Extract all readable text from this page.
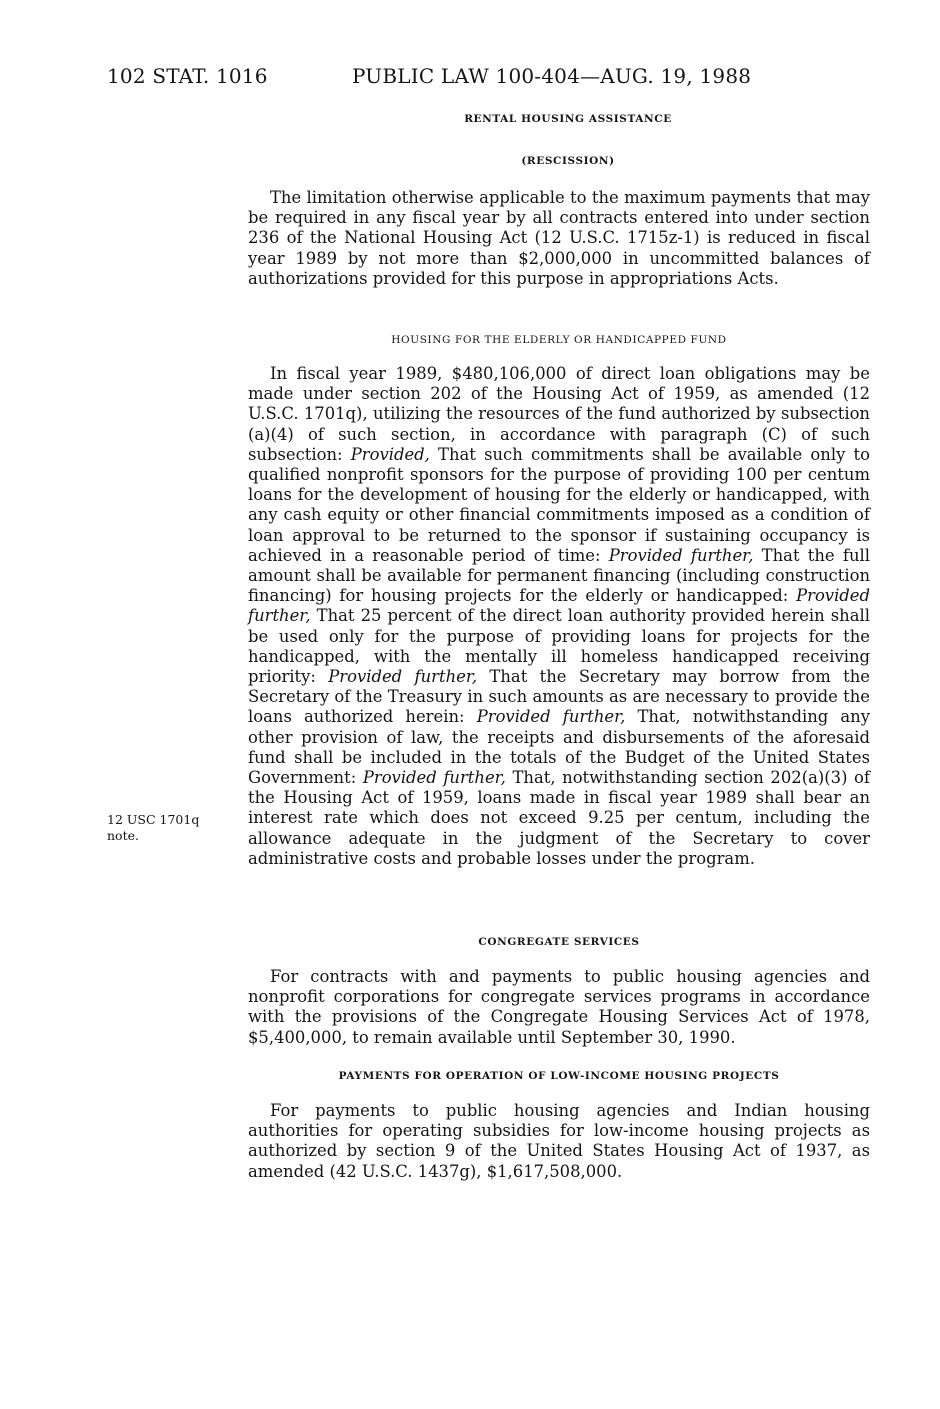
102 STAT. 1016	PUBLIC LAW 100-404—AUG. 19, 1988
RENTAL HOUSING ASSISTANCE
(RESCISSION)

The limitation otherwise applicable to the maximum payments that may be required in any fiscal year by all contracts entered into under section 236 of the National Housing Act (12 U.S.C. 1715z-1) is reduced in fiscal year 1989 by not more than $2,000,000 in uncommitted balances of authorizations provided for this purpose in appropriations Acts.

HOUSING FOR THE ELDERLY OR HANDICAPPED FUND

In fiscal year 1989, $480,106,000 of direct loan obligations may be made under section 202 of the Housing Act of 1959, as amended (12 U.S.C. 1701q), utilizing the resources of the fund authorized by subsection (a)(4) of such section, in accordance with paragraph (C) of such subsection: Provided, That such commitments shall be available only to qualified nonprofit sponsors for the purpose of providing 100 per centum loans for the development of housing for the elderly or handicapped, with any cash equity or other financial commitments imposed as a condition of loan approval to be returned to the sponsor if sustaining occupancy is achieved in a reasonable period of time: Provided further, That the full amount shall be available for permanent financing (including construction financing) for housing projects for the elderly or handicapped: Provided further, That 25 percent of the direct loan authority provided herein shall be used only for the purpose of providing loans for projects for the handicapped, with the mentally ill homeless handicapped receiving priority: Provided further, That the Secretary may borrow from the Secretary of the Treasury in such amounts as are necessary to provide the loans authorized herein: Provided further, That, notwithstanding any other provision of law, the receipts and disbursements of the aforesaid fund shall be included in the totals of the Budget of the United States Government: Provided further, That, notwithstanding section 202(a)(3) of the Housing Act of 1959, loans made in fiscal year 1989 shall bear an interest rate which does not exceed 9.25 per centum, including the allowance adequate in the judgment of the Secretary to cover administrative costs and probable losses under the program.

12 USC 1701q
note.
CONGREGATE SERVICES

For contracts with and payments to public housing agencies and nonprofit corporations for congregate services programs in accordance with the provisions of the Congregate Housing Services Act of 1978, $5,400,000, to remain available until September 30, 1990.

PAYMENTS FOR OPERATION OF LOW-INCOME HOUSING PROJECTS

For payments to public housing agencies and Indian housing authorities for operating subsidies for low-income housing projects as authorized by section 9 of the United States Housing Act of 1937, as amended (42 U.S.C. 1437g), $1,617,508,000.
